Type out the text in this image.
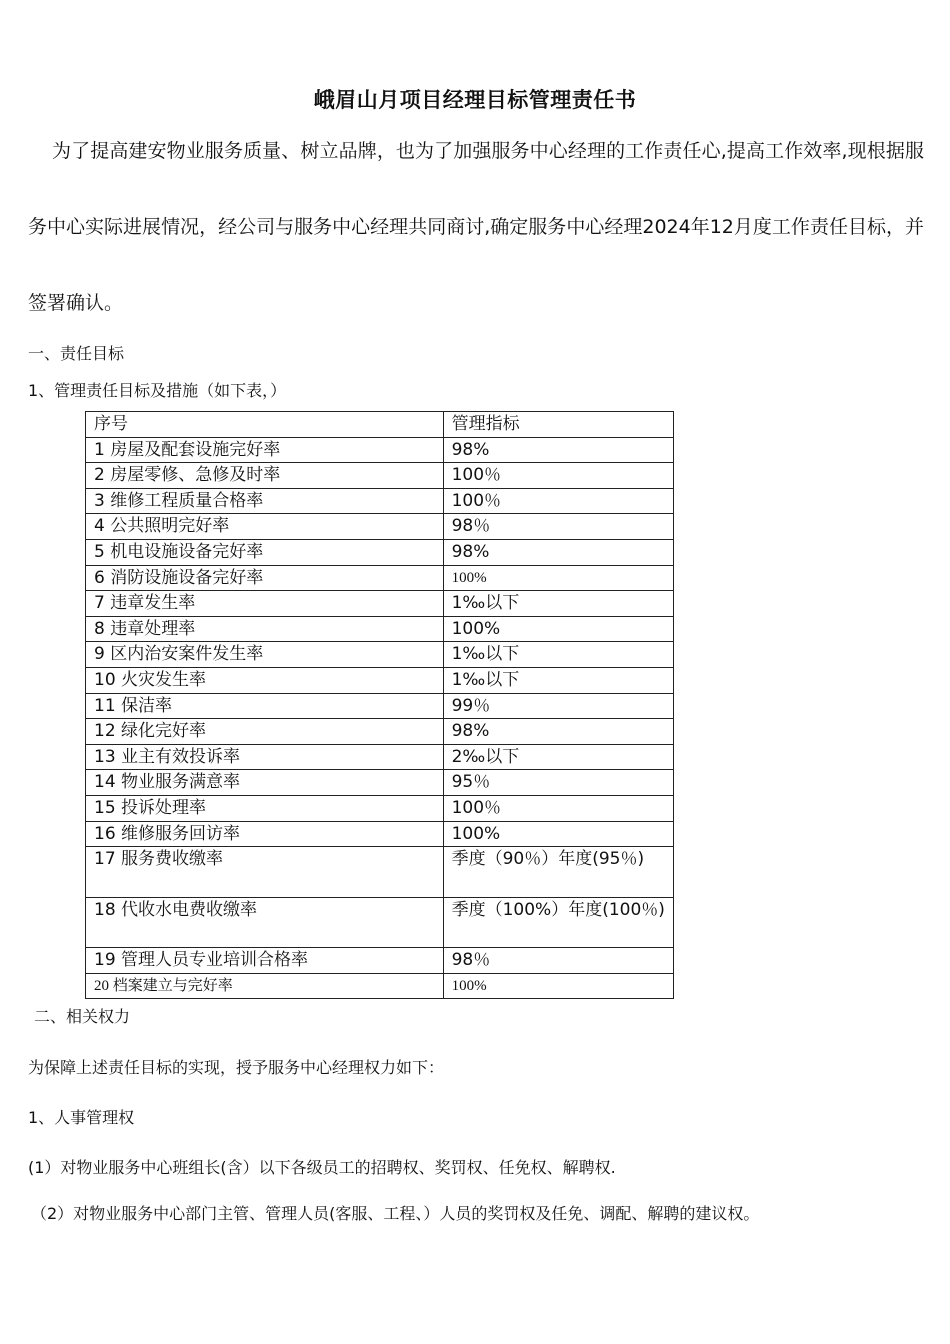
峨眉山月项目经理目标管理责任书

为了提高建安物业服务质量、树立品牌，也为了加强服务中心经理的工作责任心,提高工作效率,现根据服务中心实际进展情况，经公司与服务中心经理共同商讨,确定服务中心经理2024年12月度工作责任目标，并签署确认。

一、责任目标

1、管理责任目标及措施（如下表，）

序号	管理指标
1 房屋及配套设施完好率	98%
2 房屋零修、急修及时率	100％
3 维修工程质量合格率	100％
4 公共照明完好率	98％
5 机电设施设备完好率	98%
6 消防设施设备完好率	100%
7 违章发生率	1‰以下
8 违章处理率	100%
9 区内治安案件发生率	1‰以下
10 火灾发生率	1‰以下
11 保洁率	99％
12 绿化完好率	98%
13 业主有效投诉率	2‰以下
14 物业服务满意率	95％
15 投诉处理率	100％
16 维修服务回访率	100%
17 服务费收缴率	季度（90％）年度(95％)
18 代收水电费收缴率	季度（100%）年度(100％)
19 管理人员专业培训合格率	98％
20 档案建立与完好率	100%

二、相关权力

为保障上述责任目标的实现，授予服务中心经理权力如下：

1、人事管理权

(1）对物业服务中心班组长(含）以下各级员工的招聘权、奖罚权、任免权、解聘权.

（2）对物业服务中心部门主管、管理人员(客服、工程、）人员的奖罚权及任免、调配、解聘的建议权。
